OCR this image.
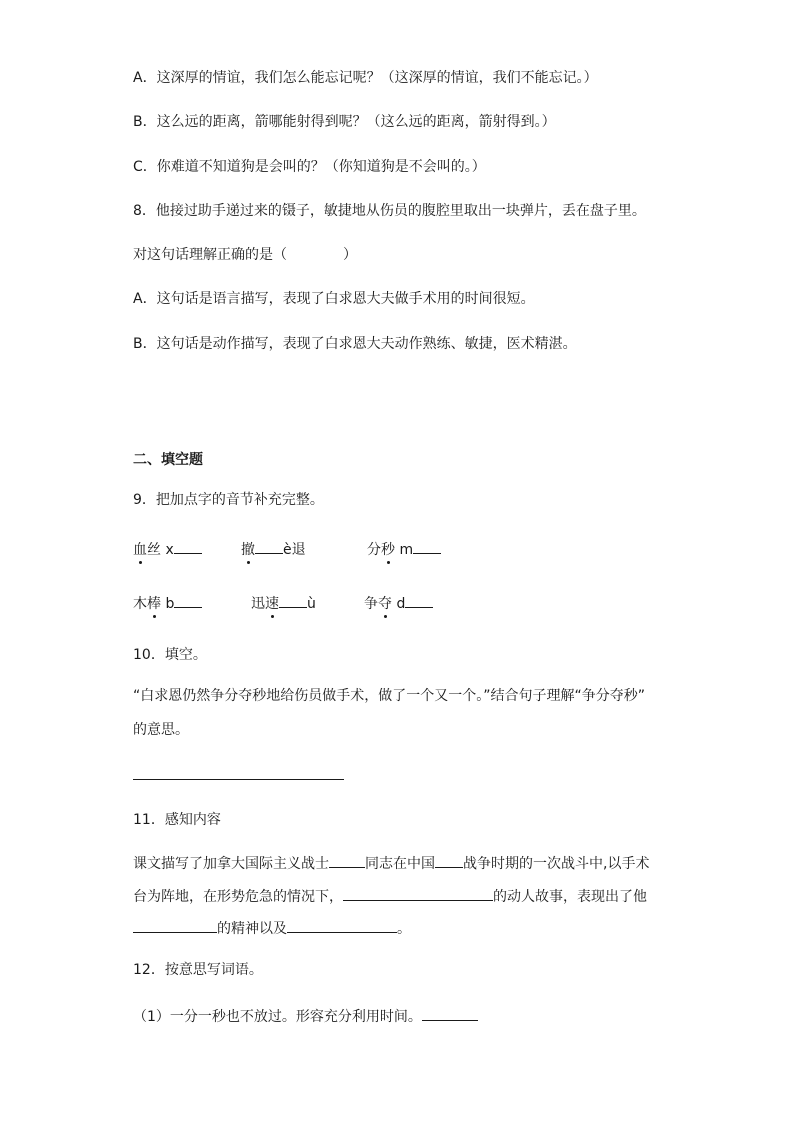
A．这深厚的情谊，我们怎么能忘记呢？（这深厚的情谊，我们不能忘记。）
B．这么远的距离，箭哪能射得到呢？（这么远的距离，箭射得到。）
C．你难道不知道狗是会叫的？（你知道狗是不会叫的。）
8．他接过助手递过来的镊子，敏捷地从伤员的腹腔里取出一块弹片，丢在盘子里。
对这句话理解正确的是（	）
A．这句话是语言描写，表现了白求恩大夫做手术用的时间很短。
B．这句话是动作描写，表现了白求恩大夫动作熟练、敏捷，医术精湛。
二、填空题
9．把加点字的音节补充完整。
血丝 x	撤 è退	分秒 m
木棒 b	迅速 ù	争夺 d
10．填空。
“白求恩仍然争分夺秒地给伤员做手术，做了一个又一个。”结合句子理解“争分夺秒”
的意思。
11．感知内容
课文描写了加拿大国际主义战士	同志在中国 战争时期的一次战斗中,以手术
台为阵地，在形势危急的情况下，	的动人故事，表现出了他
的精神以及	。
12．按意思写词语。
（1）一分一秒也不放过。形容充分利用时间。
